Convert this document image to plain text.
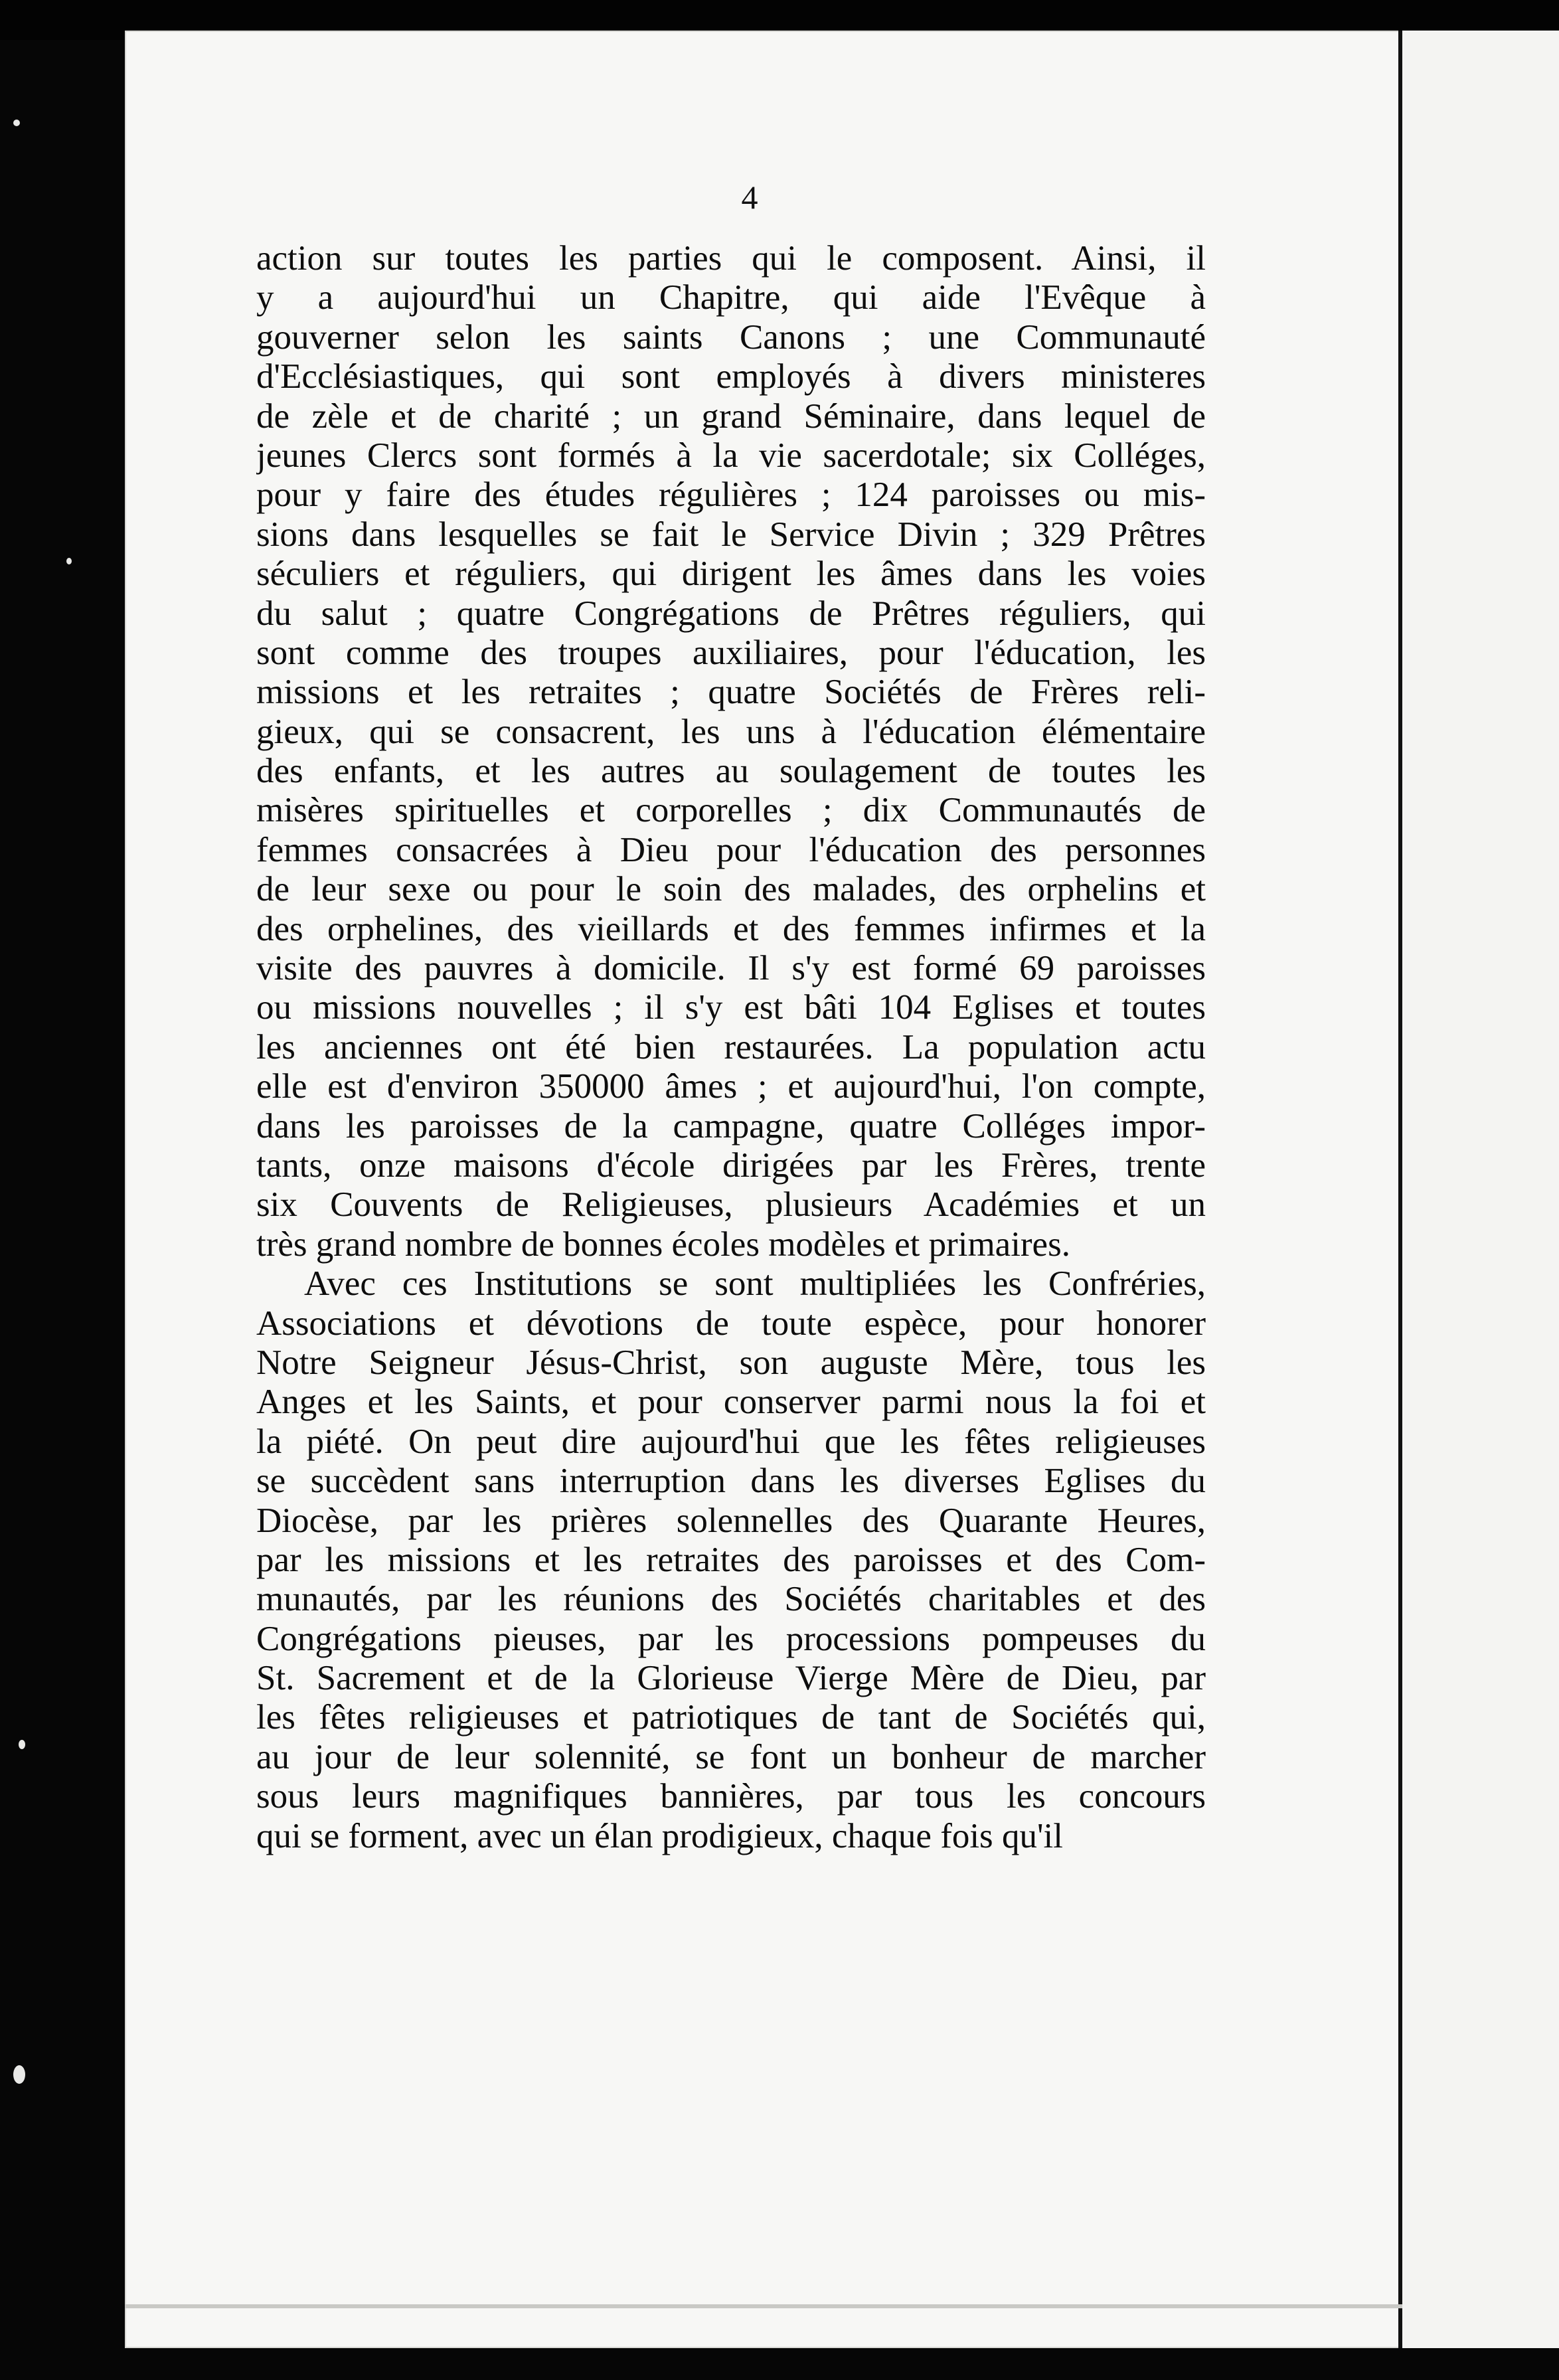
4
action sur toutes les parties qui le composent. Ainsi, il
y a aujourd'hui un Chapitre, qui aide l'Evêque à
gouverner selon les saints Canons ; une Communauté
d'Ecclésiastiques, qui sont employés à divers ministeres
de zèle et de charité ; un grand Séminaire, dans lequel de
jeunes Clercs sont formés à la vie sacerdotale; six Colléges,
pour y faire des études régulières ; 124 paroisses ou mis-
sions dans lesquelles se fait le Service Divin ; 329 Prêtres
séculiers et réguliers, qui dirigent les âmes dans les voies
du salut ; quatre Congrégations de Prêtres réguliers, qui
sont comme des troupes auxiliaires, pour l'éducation, les
missions et les retraites ; quatre Sociétés de Frères reli-
gieux, qui se consacrent, les uns à l'éducation élémentaire
des enfants, et les autres au soulagement de toutes les
misères spirituelles et corporelles ; dix Communautés de
femmes consacrées à Dieu pour l'éducation des personnes
de leur sexe ou pour le soin des malades, des orphelins et
des orphelines, des vieillards et des femmes infirmes et la
visite des pauvres à domicile. Il s'y est formé 69 paroisses
ou missions nouvelles ; il s'y est bâti 104 Eglises et toutes
les anciennes ont été bien restaurées. La population actu
elle est d'environ 350000 âmes ; et aujourd'hui, l'on compte,
dans les paroisses de la campagne, quatre Colléges impor-
tants, onze maisons d'école dirigées par les Frères, trente
six Couvents de Religieuses, plusieurs Académies et un
très grand nombre de bonnes écoles modèles et primaires.
Avec ces Institutions se sont multipliées les Confréries,
Associations et dévotions de toute espèce, pour honorer
Notre Seigneur Jésus-Christ, son auguste Mère, tous les
Anges et les Saints, et pour conserver parmi nous la foi et
la piété. On peut dire aujourd'hui que les fêtes religieuses
se succèdent sans interruption dans les diverses Eglises du
Diocèse, par les prières solennelles des Quarante Heures,
par les missions et les retraites des paroisses et des Com-
munautés, par les réunions des Sociétés charitables et des
Congrégations pieuses, par les processions pompeuses du
St. Sacrement et de la Glorieuse Vierge Mère de Dieu, par
les fêtes religieuses et patriotiques de tant de Sociétés qui,
au jour de leur solennité, se font un bonheur de marcher
sous leurs magnifiques bannières, par tous les concours
qui se forment, avec un élan prodigieux, chaque fois qu'il
